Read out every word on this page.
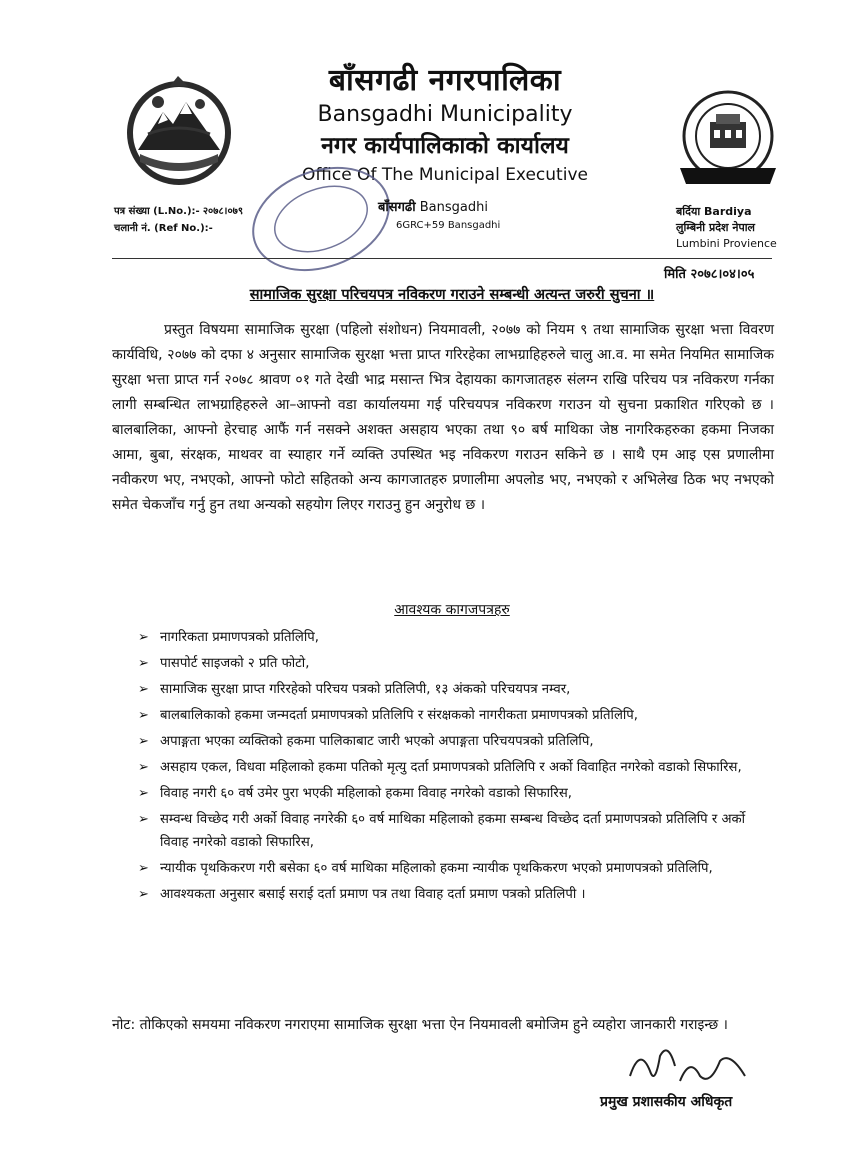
बाँसगढी नगरपालिका
Bansgadhi Municipality
नगर कार्यपालिकाको कार्यालय
Office Of The Municipal Executive
पत्र संख्या (L.No.):- २०७८।०७९
चलानी नं. (Ref No.):-
बाँसगढी Bansgadhi
6GRC+59 Bansgadhi
बर्दिया Bardiya
लुम्बिनी प्रदेश नेपाल
Lumbini Provience
मिति २०७८।०४।०५
सामाजिक सुरक्षा परिचयपत्र नविकरण गराउने सम्बन्धी अत्यन्त जरुरी सुचना ॥

प्रस्तुत विषयमा सामाजिक सुरक्षा (पहिलो संशोधन) नियमावली, २०७७ को नियम ९ तथा सामाजिक सुरक्षा भत्ता विवरण कार्यविधि, २०७७ को दफा ४ अनुसार सामाजिक सुरक्षा भत्ता प्राप्त गरिरहेका लाभग्राहिहरुले चालु आ.व. मा समेत नियमित सामाजिक सुरक्षा भत्ता प्राप्त गर्न २०७८ श्रावण ०१ गते देखी भाद्र मसान्त भित्र देहायका कागजातहरु संलग्न राखि परिचय पत्र नविकरण गर्नका लागी सम्बन्धित लाभग्राहिहरुले आ–आफ्नो वडा कार्यालयमा गई परिचयपत्र नविकरण गराउन यो सुचना प्रकाशित गरिएको छ । बालबालिका, आफ्नो हेरचाह आफैं गर्न नसक्ने अशक्त असहाय भएका तथा ९० बर्ष माथिका जेष्ठ नागरिकहरुका हकमा निजका आमा, बुबा, संरक्षक, माथवर वा स्याहार गर्ने व्यक्ति उपस्थित भइ नविकरण गराउन सकिने छ । साथै एम आइ एस प्रणालीमा नवीकरण भए, नभएको, आफ्नो फोटो सहितको अन्य कागजातहरु प्रणालीमा अपलोड भए, नभएको र अभिलेख ठिक भए नभएको समेत चेकजाँच गर्नु हुन तथा अन्यको सहयोग लिएर गराउनु हुन अनुरोध छ ।

आवश्यक कागजपत्रहरु
➢ नागरिकता प्रमाणपत्रको प्रतिलिपि,
➢ पासपोर्ट साइजको २ प्रति फोटो,
➢ सामाजिक सुरक्षा प्राप्त गरिरहेको परिचय पत्रको प्रतिलिपी, १३ अंकको परिचयपत्र नम्वर,
➢ बालबालिकाको हकमा जन्मदर्ता प्रमाणपत्रको प्रतिलिपि र संरक्षकको नागरीकता प्रमाणपत्रको प्रतिलिपि,
➢ अपाङ्गता भएका व्यक्तिको हकमा पालिकाबाट जारी भएको अपाङ्गता परिचयपत्रको प्रतिलिपि,
➢ असहाय एकल, विधवा महिलाको हकमा पतिको मृत्यु दर्ता प्रमाणपत्रको प्रतिलिपि र अर्को विवाहित नगरेको वडाको सिफारिस,
➢ विवाह नगरी ६० वर्ष उमेर पुरा भएकी महिलाको हकमा विवाह नगरेको वडाको सिफारिस,
➢ सम्वन्ध विच्छेद गरी अर्को विवाह नगरेकी ६० वर्ष माथिका महिलाको हकमा सम्बन्ध विच्छेद दर्ता प्रमाणपत्रको प्रतिलिपि र अर्को विवाह नगरेको वडाको सिफारिस,
➢ न्यायीक पृथकिकरण गरी बसेका ६० वर्ष माथिका महिलाको हकमा न्यायीक पृथकिकरण भएको प्रमाणपत्रको प्रतिलिपि,
➢ आवश्यकता अनुसार बसाई सराई दर्ता प्रमाण पत्र तथा विवाह दर्ता प्रमाण पत्रको प्रतिलिपी ।
नोट: तोकिएको समयमा नविकरण नगराएमा सामाजिक सुरक्षा भत्ता ऐन नियमावली बमोजिम हुने व्यहोरा जानकारी गराइन्छ ।
प्रमुख प्रशासकीय अधिकृत
